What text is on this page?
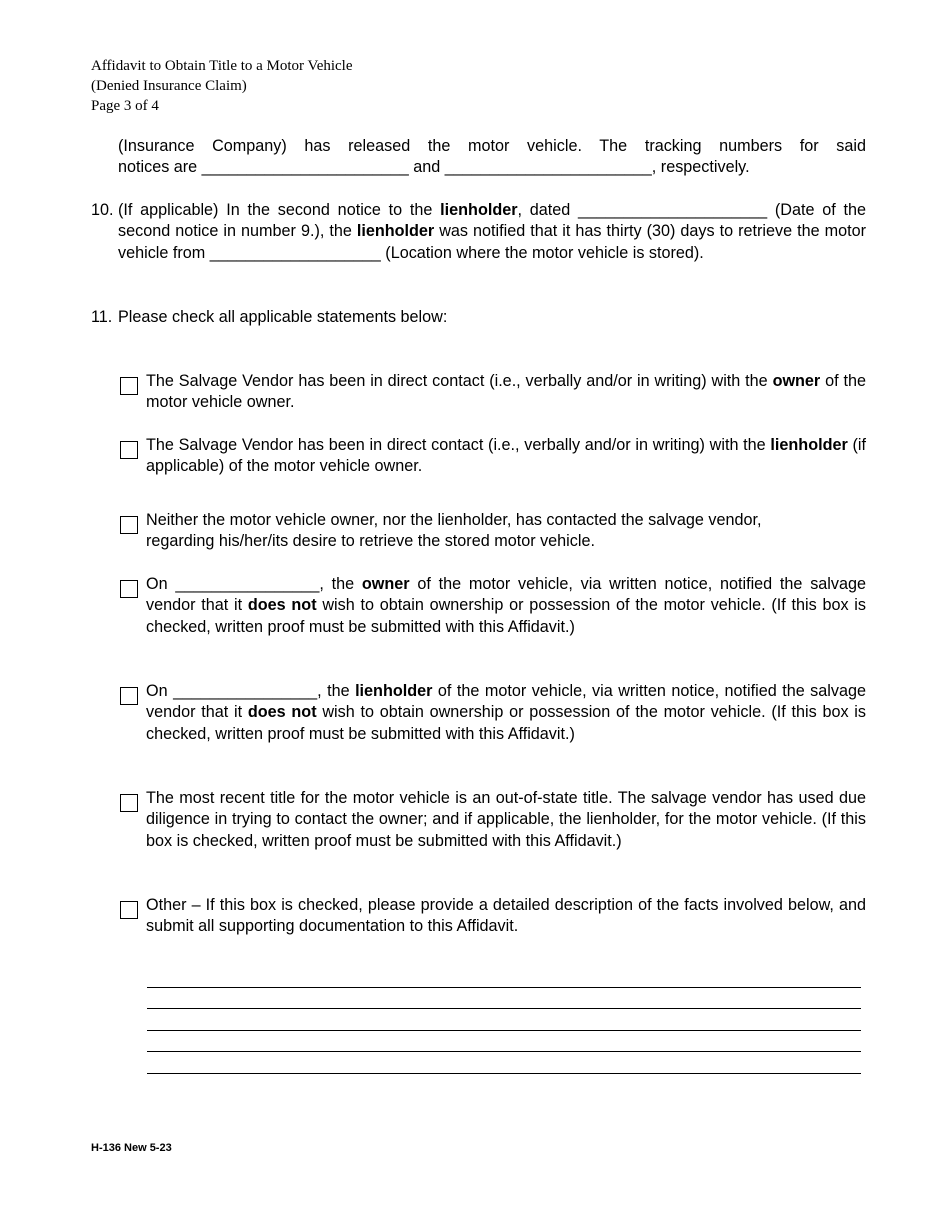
Affidavit to Obtain Title to a Motor Vehicle
(Denied Insurance Claim)
Page 3 of 4
(Insurance Company) has released the motor vehicle. The tracking numbers for said
notices are _______________________ and _______________________, respectively.
10. (If applicable) In the second notice to the lienholder, dated _____________________ (Date of the second notice in number 9.), the lienholder was notified that it has thirty (30) days to retrieve the motor vehicle from ___________________ (Location where the motor vehicle is stored).
11. Please check all applicable statements below:
The Salvage Vendor has been in direct contact (i.e., verbally and/or in writing) with the owner of the motor vehicle owner.
The Salvage Vendor has been in direct contact (i.e., verbally and/or in writing) with the lienholder (if applicable) of the motor vehicle owner.
Neither the motor vehicle owner, nor the lienholder, has contacted the salvage vendor,
regarding his/her/its desire to retrieve the stored motor vehicle.
On ________________, the owner of the motor vehicle, via written notice, notified the salvage vendor that it does not wish to obtain ownership or possession of the motor vehicle. (If this box is checked, written proof must be submitted with this Affidavit.)
On ________________, the lienholder of the motor vehicle, via written notice, notified the salvage vendor that it does not wish to obtain ownership or possession of the motor vehicle. (If this box is checked, written proof must be submitted with this Affidavit.)
The most recent title for the motor vehicle is an out-of-state title. The salvage vendor has used due diligence in trying to contact the owner; and if applicable, the lienholder, for the motor vehicle. (If this box is checked, written proof must be submitted with this Affidavit.)
Other – If this box is checked, please provide a detailed description of the facts involved below, and submit all supporting documentation to this Affidavit.
H-136 New 5-23
